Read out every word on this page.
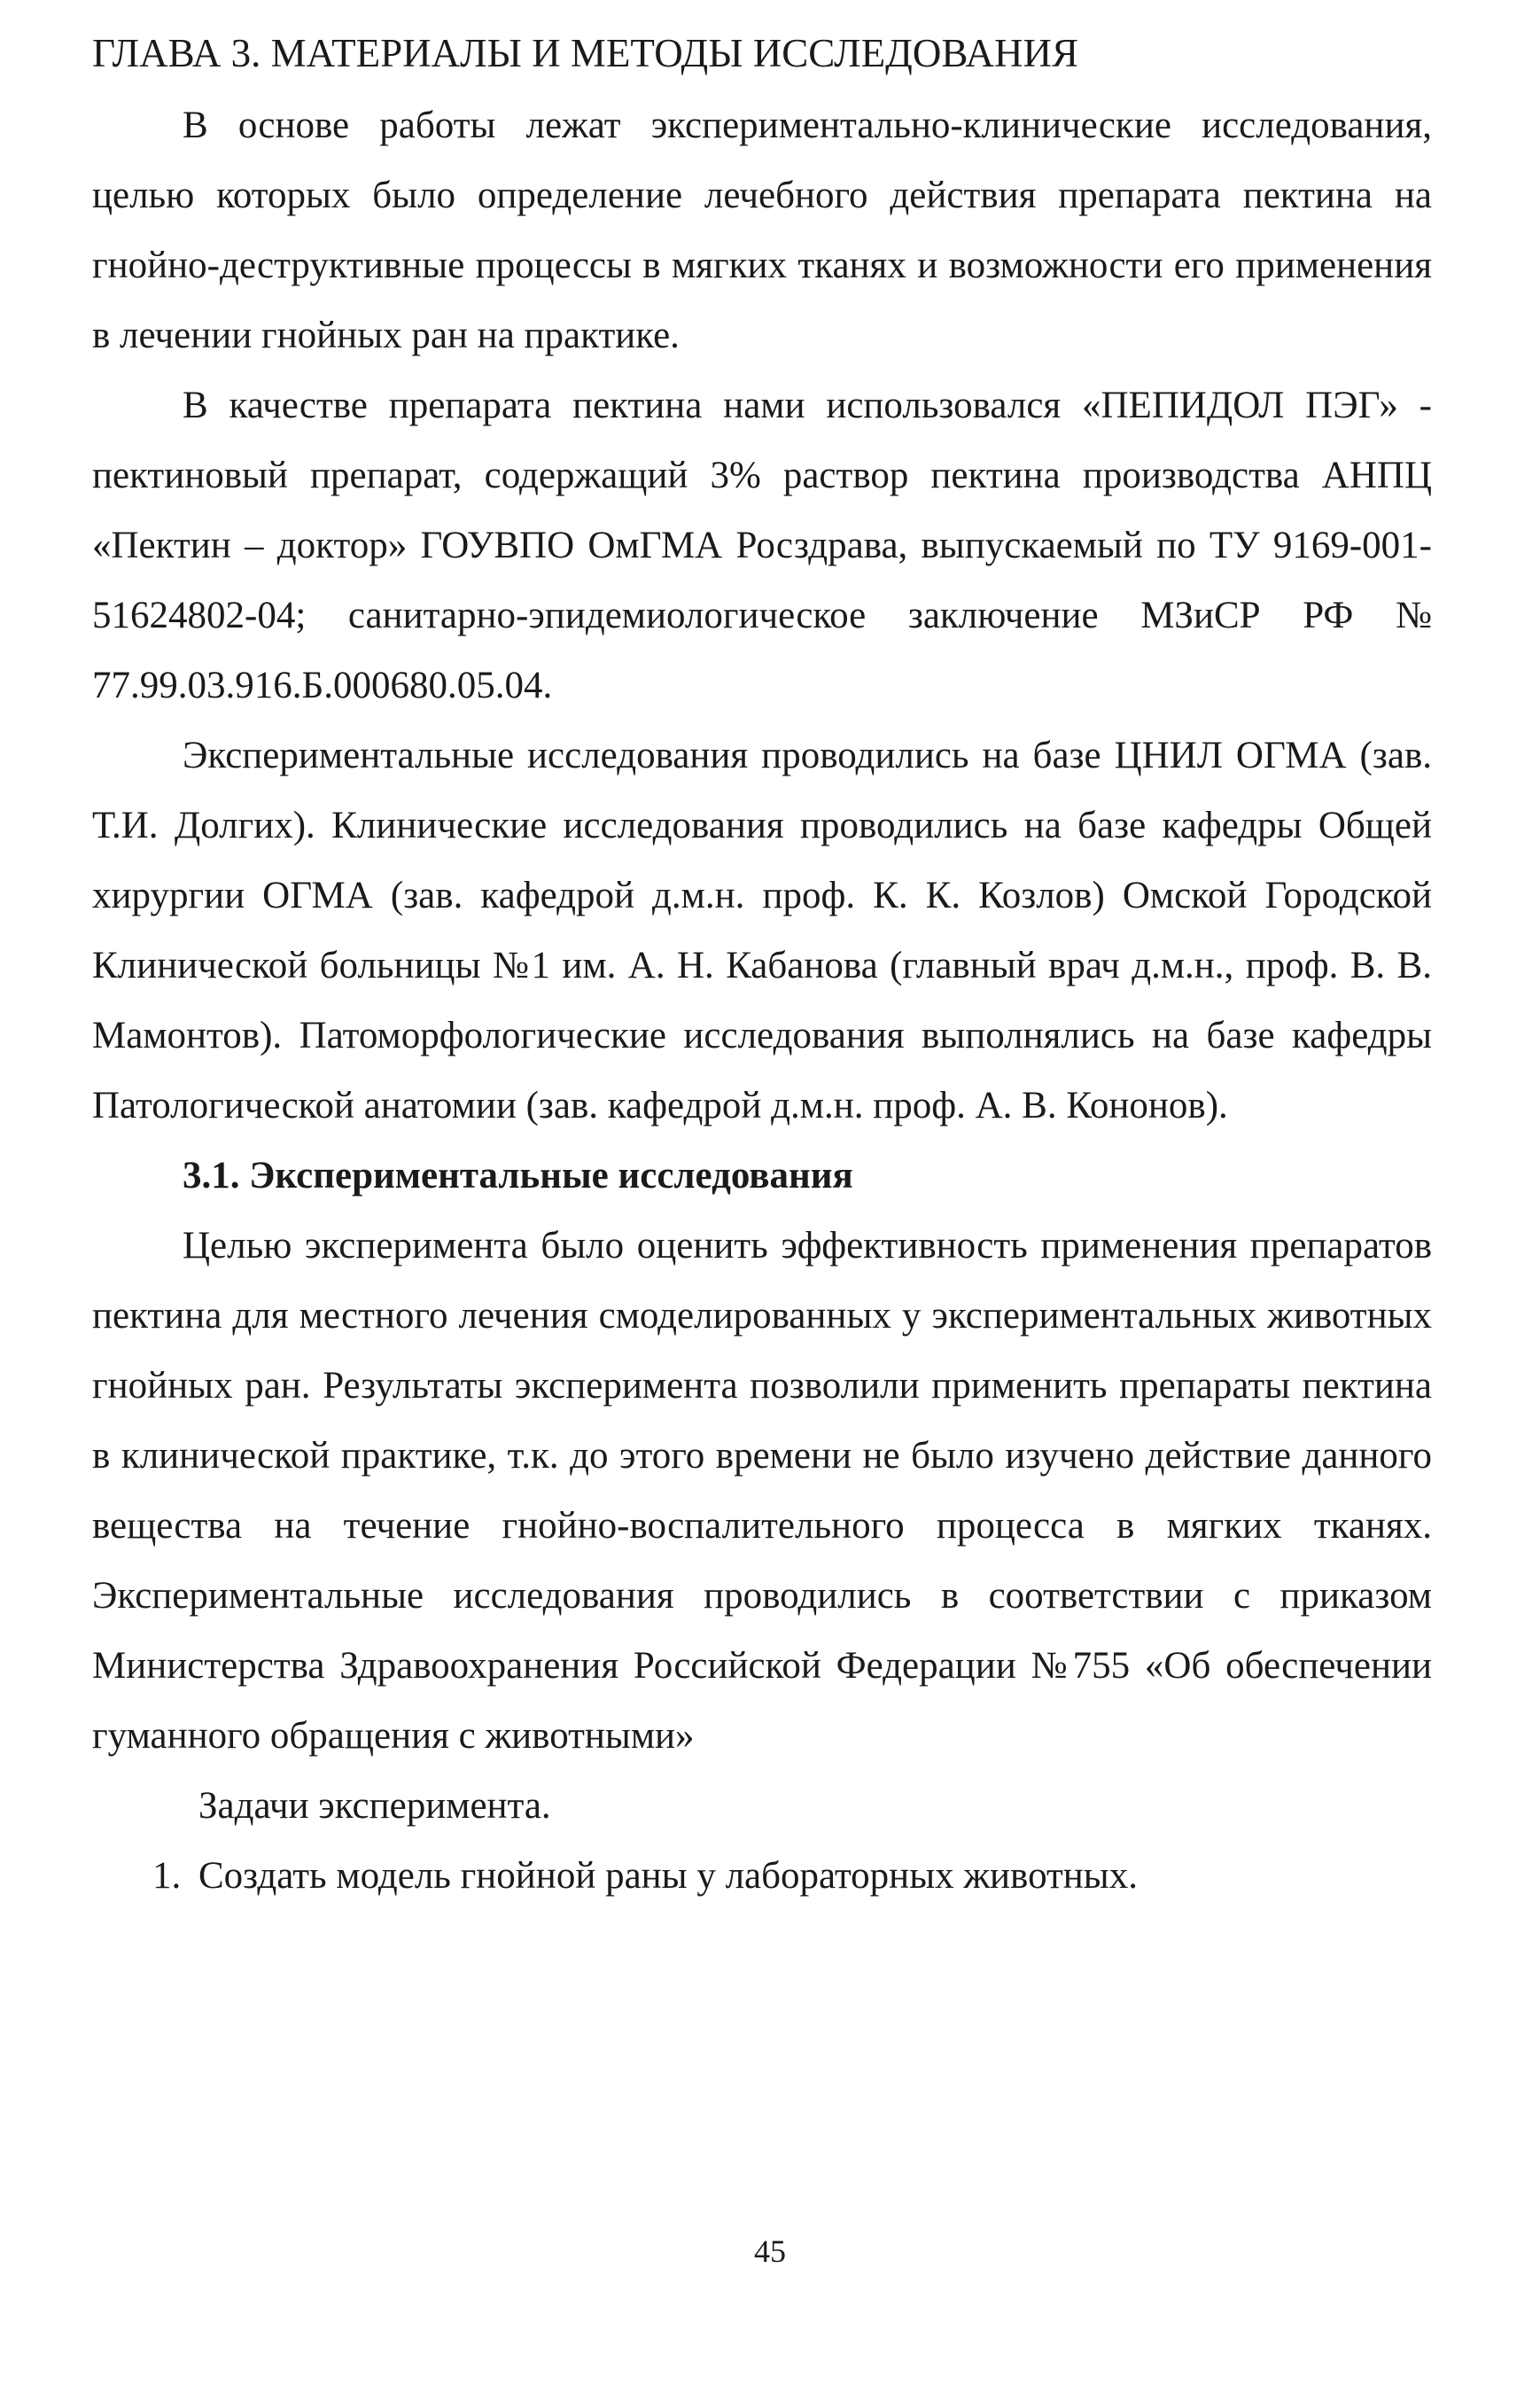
ГЛАВА 3. МАТЕРИАЛЫ И МЕТОДЫ ИССЛЕДОВАНИЯ

В основе работы лежат экспериментально-клинические исследования, целью которых было определение лечебного действия препарата пектина на гнойно-деструктивные процессы в мягких тканях и возможности его применения в лечении гнойных ран на практике.

В качестве препарата пектина нами использовался «ПЕПИДОЛ ПЭГ» - пектиновый препарат, содержащий 3% раствор пектина производства АНПЦ «Пектин – доктор» ГОУВПО ОмГМА Росздрава, выпускаемый по ТУ 9169-001-51624802-04; санитарно-эпидемиологическое заключение МЗиСР РФ № 77.99.03.916.Б.000680.05.04.

Экспериментальные исследования проводились на базе ЦНИЛ ОГМА (зав. Т.И. Долгих). Клинические исследования проводились на базе кафедры Общей хирургии ОГМА (зав. кафедрой д.м.н. проф. К. К. Козлов) Омской Городской Клинической больницы №1 им. А. Н. Кабанова (главный врач д.м.н., проф. В. В. Мамонтов). Патоморфологические исследования выполнялись на базе кафедры Патологической анатомии (зав. кафедрой д.м.н. проф. А. В. Кононов).

3.1. Экспериментальные исследования

Целью эксперимента было оценить эффективность применения препаратов пектина для местного лечения смоделированных у экспериментальных животных гнойных ран. Результаты эксперимента позволили применить препараты пектина в клинической практике, т.к. до этого времени не было изучено действие данного вещества на течение гнойно-воспалительного процесса в мягких тканях. Экспериментальные исследования проводились в соответствии с приказом Министерства Здравоохранения Российской Федерации №755 «Об обеспечении гуманного обращения с животными»

Задачи эксперимента.

1. Создать модель гнойной раны у лабораторных животных.
45
